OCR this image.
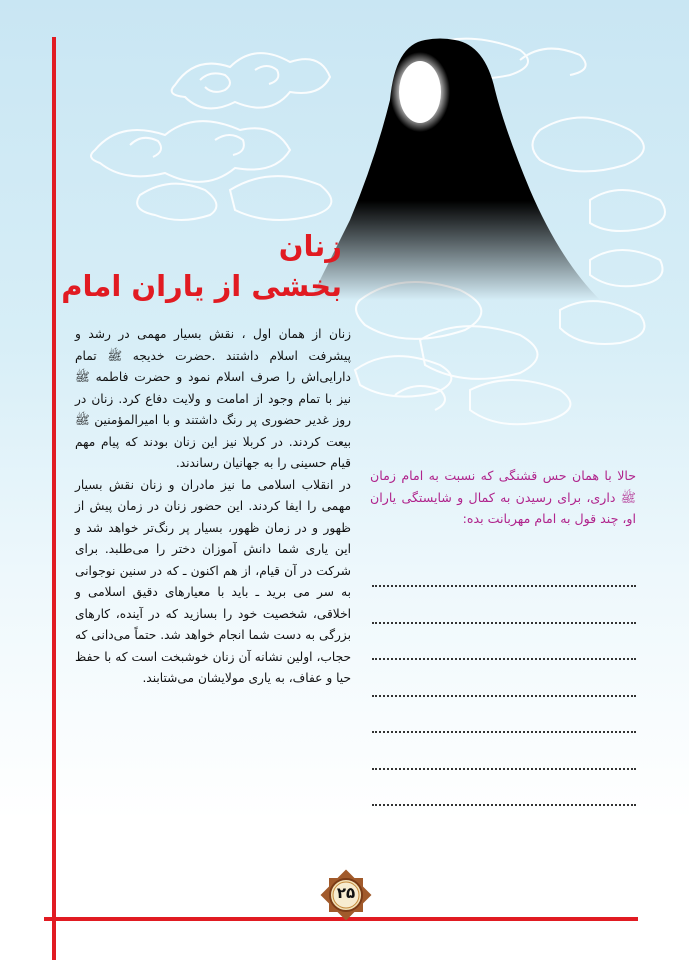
زنان
بخشی از یاران امام

زنان از همان اول ، نقش بسیار مهمی در رشد و پیشرفت اسلام داشتند .حضرت خدیجه ﷺ تمام دارایی‌اش را صرف اسلام نمود و حضرت فاطمه ﷺ نیز با تمام وجود از امامت و ولایت دفاع کرد. زنان در روز غدیر حضوری پر رنگ داشتند و با امیرالمؤمنین ﷺ بیعت کردند. در کربلا نیز این زنان بودند که پیام مهم قیام حسینی را به جهانیان رساندند.

در انقلاب اسلامی ما نیز مادران و زنان نقش بسیار مهمی را ایفا کردند. این حضور زنان در زمان پیش از ظهور و در زمان ظهور، بسیار پر رنگ‌تر خواهد شد و این یاری شما دانش آموزان دختر را می‌طلبد. برای شرکت در آن قیام، از هم اکنون ـ که در سنین نوجوانی به سر می برید ـ باید با معیارهای دقیق اسلامی و اخلاقی، شخصیت خود را بسازید که در آینده، کارهای بزرگی به دست شما انجام خواهد شد. حتماً می‌دانی که حجاب، اولین نشانه آن زنان خوشبخت است که با حفظ حیا و عفاف، به یاری مولایشان می‌شتابند.

حالا با همان حس قشنگی که نسبت به امام زمان ﷺ داری، برای رسیدن به کمال و شایستگی یاران او، چند قول به امام مهربانت بده:
۲۵
